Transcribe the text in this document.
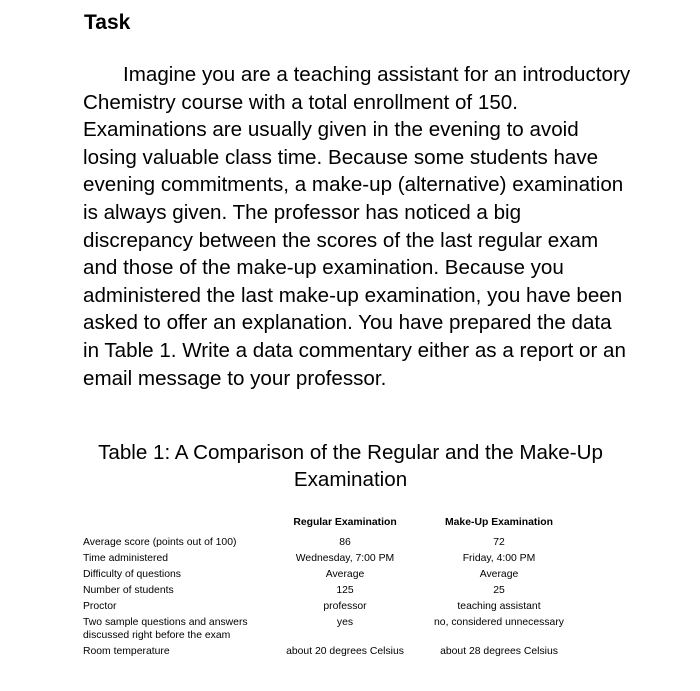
Task

Imagine you are a teaching assistant for an introductory Chemistry course with a total enrollment of 150. Examinations are usually given in the evening to avoid losing valuable class time. Because some students have evening commitments, a make-up (alternative) examination is always given. The professor has noticed a big discrepancy between the scores of the last regular exam and those of the make-up examination. Because you administered the last make-up examination, you have been asked to offer an explanation. You have prepared the data in Table 1. Write a data commentary either as a report or an email message to your professor.

Table 1: A Comparison of the Regular and the Make-Up Examination

	Regular Examination	Make-Up Examination
Average score (points out of 100)	86	72
Time administered	Wednesday, 7:00 PM	Friday, 4:00 PM
Difficulty of questions	Average	Average
Number of students	125	25
Proctor	professor	teaching assistant
Two sample questions and answers discussed right before the exam	yes	no, considered unnecessary
Room temperature	about 20 degrees Celsius	about 28 degrees Celsius
